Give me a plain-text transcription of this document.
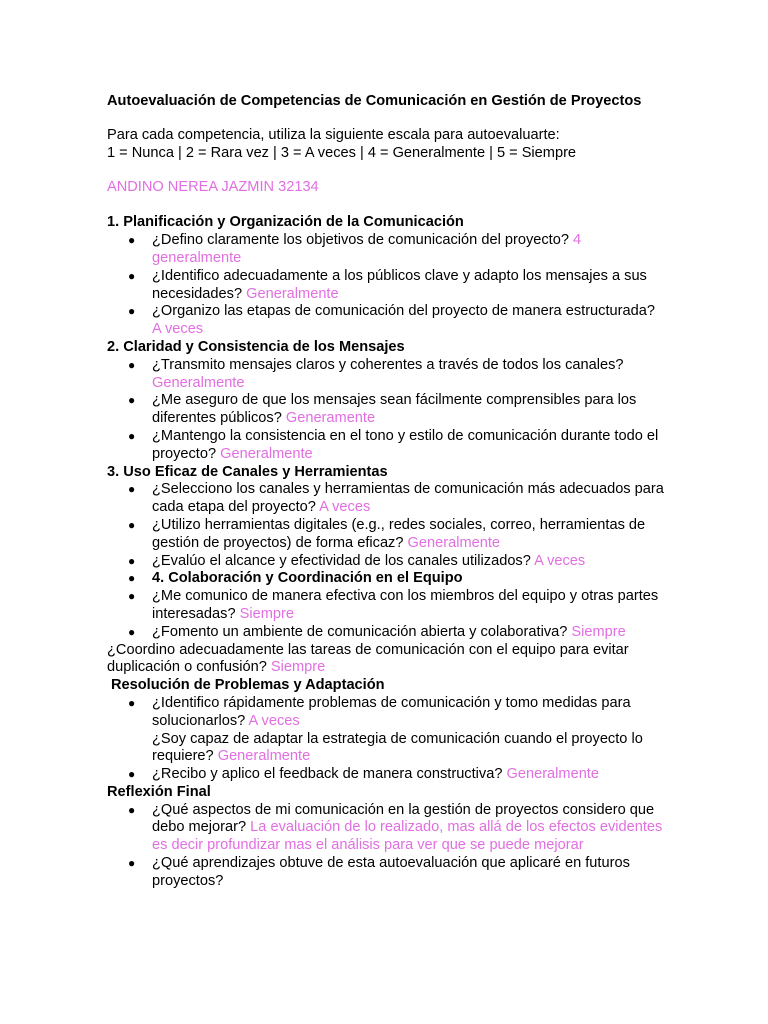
Autoevaluación de Competencias de Comunicación en Gestión de Proyectos

Para cada competencia, utiliza la siguiente escala para autoevaluarte:

1 = Nunca | 2 = Rara vez | 3 = A veces | 4 = Generalmente | 5 = Siempre

ANDINO NEREA JAZMIN 32134

1. Planificación y Organización de la Comunicación

● ¿Defino claramente los objetivos de comunicación del proyecto? 4 generalmente
● ¿Identifico adecuadamente a los públicos clave y adapto los mensajes a sus necesidades? Generalmente
● ¿Organizo las etapas de comunicación del proyecto de manera estructurada? A veces

2. Claridad y Consistencia de los Mensajes

● ¿Transmito mensajes claros y coherentes a través de todos los canales? Generalmente
● ¿Me aseguro de que los mensajes sean fácilmente comprensibles para los diferentes públicos? Generamente
● ¿Mantengo la consistencia en el tono y estilo de comunicación durante todo el proyecto? Generalmente

3. Uso Eficaz de Canales y Herramientas

● ¿Selecciono los canales y herramientas de comunicación más adecuados para cada etapa del proyecto? A veces
● ¿Utilizo herramientas digitales (e.g., redes sociales, correo, herramientas de gestión de proyectos) de forma eficaz? Generalmente
● ¿Evalúo el alcance y efectividad de los canales utilizados? A veces
● 4. Colaboración y Coordinación en el Equipo
● ¿Me comunico de manera efectiva con los miembros del equipo y otras partes interesadas? Siempre
● ¿Fomento un ambiente de comunicación abierta y colaborativa? Siempre

¿Coordino adecuadamente las tareas de comunicación con el equipo para evitar duplicación o confusión? Siempre

Resolución de Problemas y Adaptación

● ¿Identifico rápidamente problemas de comunicación y tomo medidas para solucionarlos? A veces

¿Soy capaz de adaptar la estrategia de comunicación cuando el proyecto lo requiere? Generalmente

● ¿Recibo y aplico el feedback de manera constructiva? Generalmente

Reflexión Final

● ¿Qué aspectos de mi comunicación en la gestión de proyectos considero que debo mejorar? La evaluación de lo realizado, mas allá de los efectos evidentes es decir profundizar mas el análisis para ver que se puede mejorar
● ¿Qué aprendizajes obtuve de esta autoevaluación que aplicaré en futuros proyectos?
